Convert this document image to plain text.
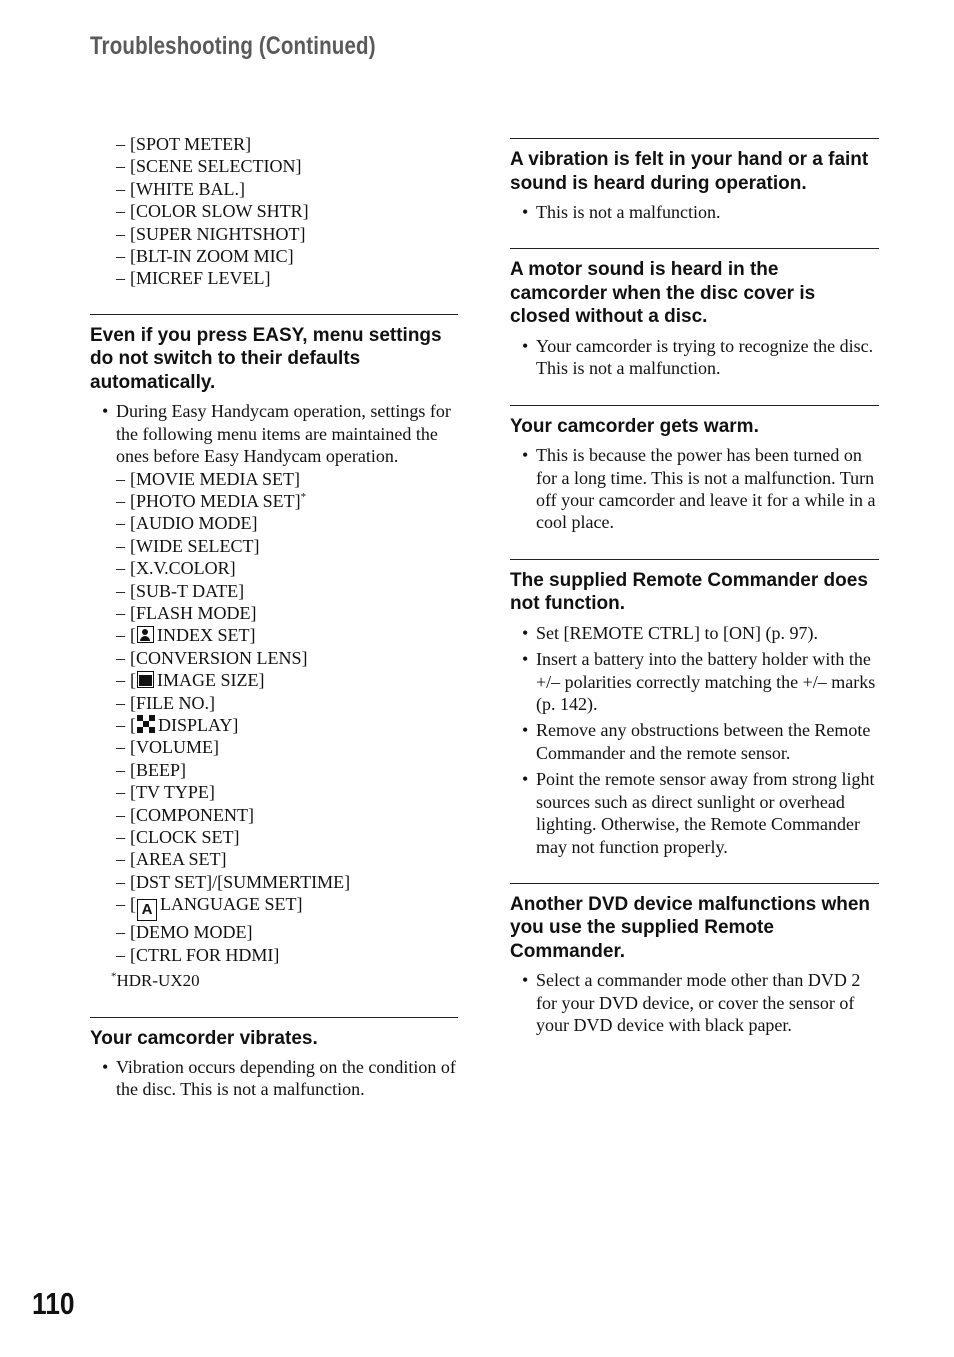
Troubleshooting (Continued)
– [SPOT METER]
– [SCENE SELECTION]
– [WHITE BAL.]
– [COLOR SLOW SHTR]
– [SUPER NIGHTSHOT]
– [BLT-IN ZOOM MIC]
– [MICREF LEVEL]
Even if you press EASY, menu settings do not switch to their defaults automatically.
• During Easy Handycam operation, settings for the following menu items are maintained the ones before Easy Handycam operation.
– [MOVIE MEDIA SET]
– [PHOTO MEDIA SET]*
– [AUDIO MODE]
– [WIDE SELECT]
– [X.V.COLOR]
– [SUB-T DATE]
– [FLASH MODE]
– [ INDEX SET]
– [CONVERSION LENS]
– [ IMAGE SIZE]
– [FILE NO.]
– [ DISPLAY]
– [VOLUME]
– [BEEP]
– [TV TYPE]
– [COMPONENT]
– [CLOCK SET]
– [AREA SET]
– [DST SET]/[SUMMERTIME]
– [ A LANGUAGE SET]
– [DEMO MODE]
– [CTRL FOR HDMI]
*HDR-UX20
Your camcorder vibrates.
• Vibration occurs depending on the condition of the disc. This is not a malfunction.
A vibration is felt in your hand or a faint sound is heard during operation.
• This is not a malfunction.
A motor sound is heard in the camcorder when the disc cover is closed without a disc.
• Your camcorder is trying to recognize the disc. This is not a malfunction.
Your camcorder gets warm.
• This is because the power has been turned on for a long time. This is not a malfunction. Turn off your camcorder and leave it for a while in a cool place.
The supplied Remote Commander does not function.
• Set [REMOTE CTRL] to [ON] (p. 97).
• Insert a battery into the battery holder with the +/– polarities correctly matching the +/– marks (p. 142).
• Remove any obstructions between the Remote Commander and the remote sensor.
• Point the remote sensor away from strong light sources such as direct sunlight or overhead lighting. Otherwise, the Remote Commander may not function properly.
Another DVD device malfunctions when you use the supplied Remote Commander.
• Select a commander mode other than DVD 2 for your DVD device, or cover the sensor of your DVD device with black paper.
110
